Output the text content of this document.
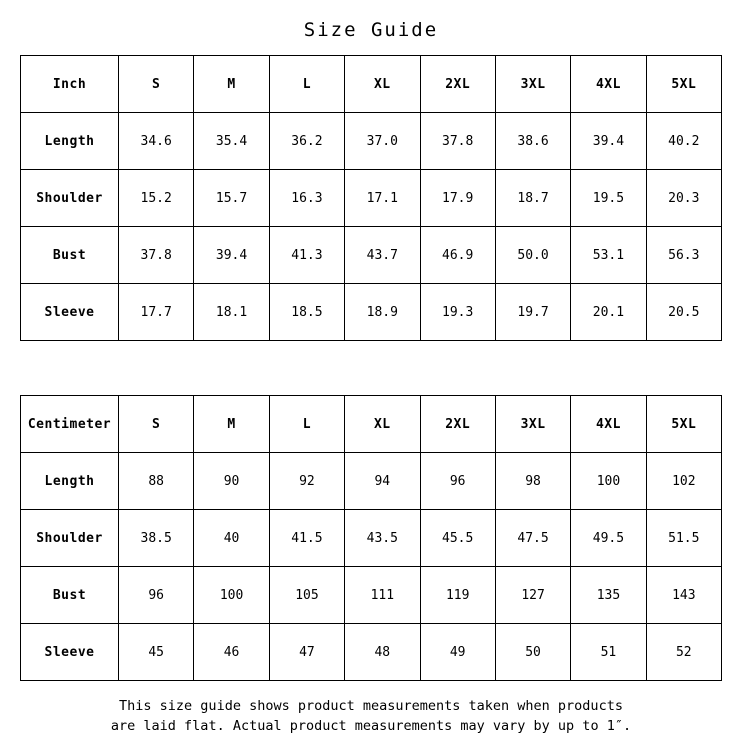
Size Guide
Inch	S	M	L	XL	2XL	3XL	4XL	5XL
Length	34.6	35.4	36.2	37.0	37.8	38.6	39.4	40.2
Shoulder	15.2	15.7	16.3	17.1	17.9	18.7	19.5	20.3
Bust	37.8	39.4	41.3	43.7	46.9	50.0	53.1	56.3
Sleeve	17.7	18.1	18.5	18.9	19.3	19.7	20.1	20.5
Centimeter	S	M	L	XL	2XL	3XL	4XL	5XL
Length	88	90	92	94	96	98	100	102
Shoulder	38.5	40	41.5	43.5	45.5	47.5	49.5	51.5
Bust	96	100	105	111	119	127	135	143
Sleeve	45	46	47	48	49	50	51	52
This size guide shows product measurements taken when products
are laid flat. Actual product measurements may vary by up to 1″.
